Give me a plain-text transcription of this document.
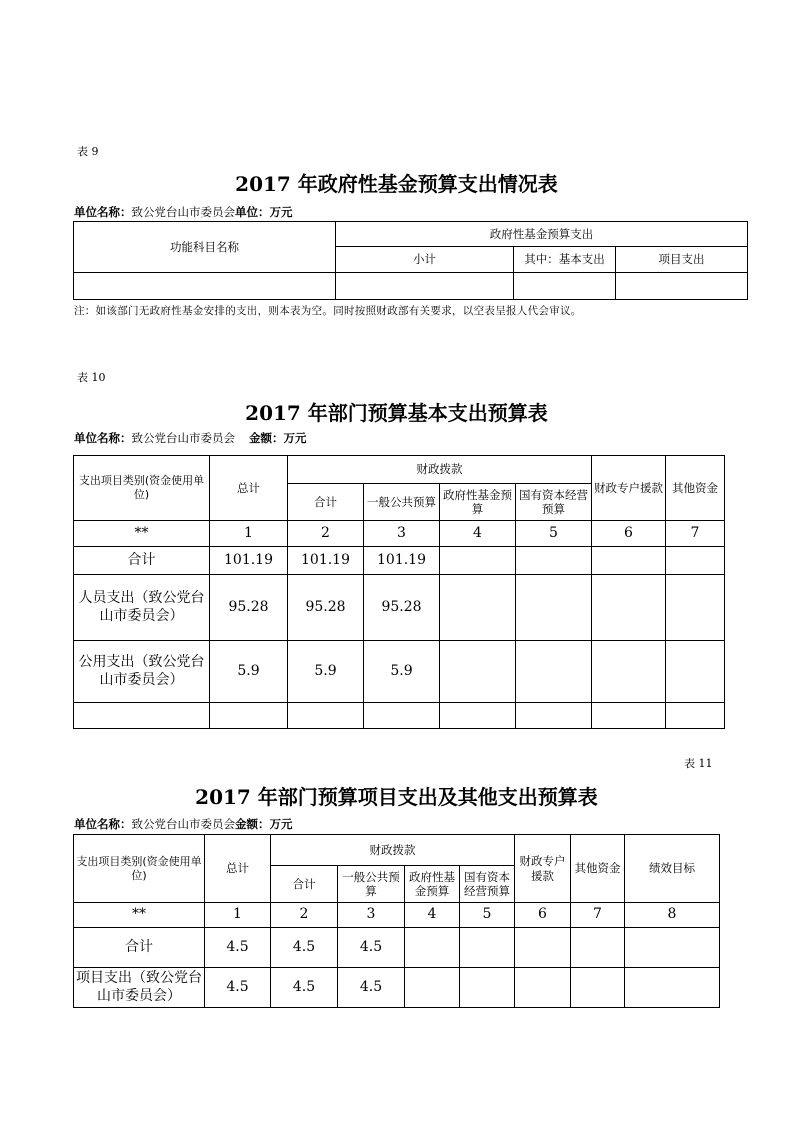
表 9
2017 年政府性基金预算支出情况表
单位名称：致公党台山市委员会单位：万元
功能科目名称	政府性基金预算支出		
	小计	其中：基本支出	项目支出

注：如该部门无政府性基金安排的支出，则本表为空。同时按照财政部有关要求，以空表呈报人代会审议。
表 10
2017 年部门预算基本支出预算表
单位名称：致公党台山市委员会 金额：万元
支出项目类别(资金使用单位)	总计	财政拨款				财政专户援款	其他资金
		合计	一般公共预算	政府性基金预算	国有资本经营预算		
**	1	2	3	4	5	6	7
合计	101.19	101.19	101.19				
人员支出（致公党台山市委员会）	95.28	95.28	95.28				
公用支出（致公党台山市委员会）	5.9	5.9	5.9				

表 11
2017 年部门预算项目支出及其他支出预算表
单位名称：致公党台山市委员会金额：万元
支出项目类别(资金使用单位)	总计	财政拨款				财政专户援款	其他资金	绩效目标
		合计	一般公共预算	政府性基金预算	国有资本经营预算			
**	1	2	3	4	5	6	7	8
合计	4.5	4.5	4.5					
项目支出（致公党台山市委员会）	4.5	4.5	4.5					
